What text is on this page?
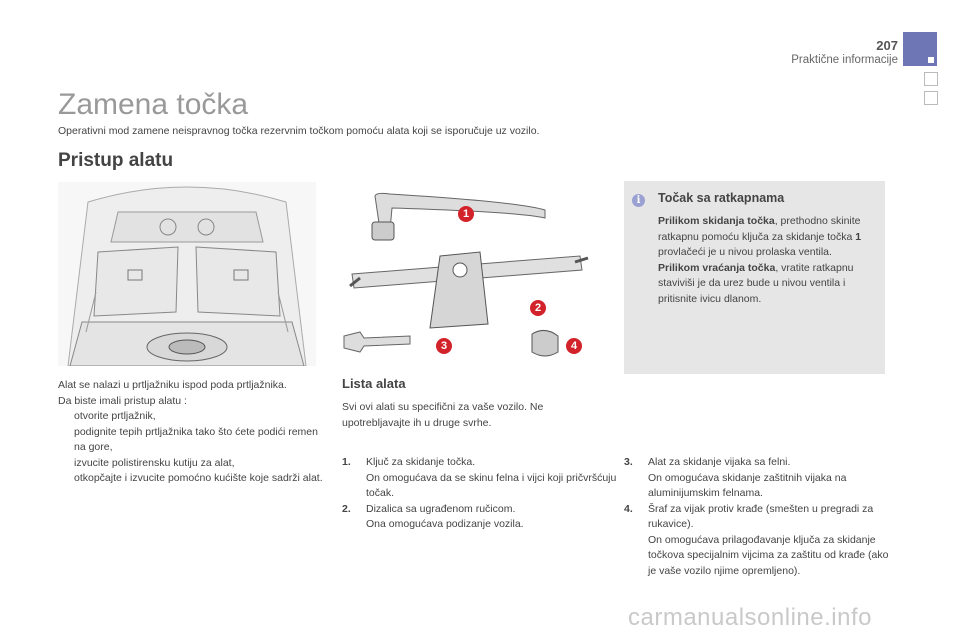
207
Praktične informacije
Zamena točka
Operativni mod zamene neispravnog točka rezervnim točkom pomoću alata koji se isporučuje uz vozilo.
Pristup alatu
1
2
3	4
Alat se nalazi u prtljažniku ispod poda prtljažnika.
Da biste imali pristup alatu :
otvorite prtljažnik,
podignite tepih prtljažnika tako što ćete podići remen na gore,
izvucite polistirensku kutiju za alat,
otkopčajte i izvucite pomoćno kućište koje sadrži alat.
i	Točak sa ratkapnama
Prilikom skidanja točka, prethodno skinite ratkapnu pomoću ključa za skidanje točka 1 provlačeći je u nivou prolaska ventila.
Prilikom vraćanja točka, vratite ratkapnu staviviši je da urez bude u nivou ventila i pritisnite ivicu dlanom.
Lista alata
Svi ovi alati su specifični za vaše vozilo. Ne upotrebljavajte ih u druge svrhe.
1.	Ključ za skidanje točka.
On omogućava da se skinu felna i vijci koji pričvršćuju točak.
2.	Dizalica sa ugrađenom ručicom.
Ona omogućava podizanje vozila.
3.	Alat za skidanje vijaka sa felni.
On omogućava skidanje zaštitnih vijaka na aluminijumskim felnama.
4.	Šraf za vijak protiv krađe (smešten u pregradi za rukavice).
On omogućava prilagođavanje ključa za skidanje točkova specijalnim vijcima za zaštitu od krađe (ako je vaše vozilo njime opremljeno).
carmanualsonline.info
